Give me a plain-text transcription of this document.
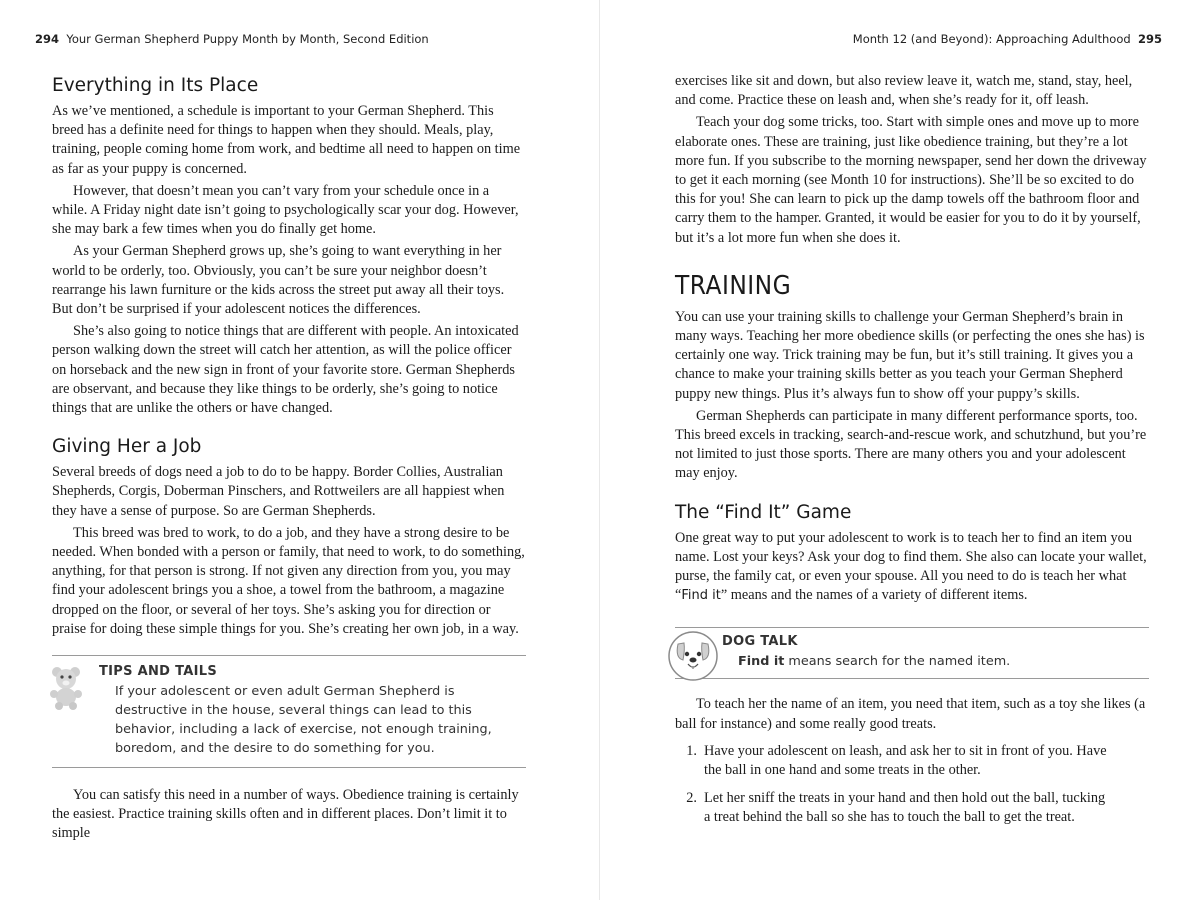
294 Your German Shepherd Puppy Month by Month, Second Edition
Everything in Its Place

As we’ve mentioned, a schedule is important to your German Shepherd. This breed has a definite need for things to happen when they should. Meals, play, training, people coming home from work, and bedtime all need to happen on time as far as your puppy is concerned.

However, that doesn’t mean you can’t vary from your schedule once in a while. A Friday night date isn’t going to psychologically scar your dog. However, she may bark a few times when you do finally get home.

As your German Shepherd grows up, she’s going to want everything in her world to be orderly, too. Obviously, you can’t be sure your neighbor doesn’t rearrange his lawn furniture or the kids across the street put away all their toys. But don’t be surprised if your adolescent notices the differences.

She’s also going to notice things that are different with people. An intoxicated person walking down the street will catch her attention, as will the police officer on horseback and the new sign in front of your favorite store. German Shepherds are observant, and because they like things to be orderly, she’s going to notice things that are unlike the others or have changed.

Giving Her a Job

Several breeds of dogs need a job to do to be happy. Border Collies, Australian Shepherds, Corgis, Doberman Pinschers, and Rottweilers are all happiest when they have a sense of purpose. So are German Shepherds.

This breed was bred to work, to do a job, and they have a strong desire to be needed. When bonded with a person or family, that need to work, to do something, anything, for that person is strong. If not given any direction from you, you may find your adolescent brings you a shoe, a towel from the bathroom, a magazine dropped on the floor, or several of her toys. She’s asking you for direction or praise for doing these simple things for you. She’s creating her own job, in a way.

TIPS AND TAILS
If your adolescent or even adult German Shepherd is destructive in the house, several things can lead to this behavior, including a lack of exercise, not enough training, boredom, and the desire to do something for you.

You can satisfy this need in a number of ways. Obedience training is certainly the easiest. Practice training skills often and in different places. Don’t limit it to simple

Month 12 (and Beyond): Approaching Adulthood 295

exercises like sit and down, but also review leave it, watch me, stand, stay, heel, and come. Practice these on leash and, when she’s ready for it, off leash.

Teach your dog some tricks, too. Start with simple ones and move up to more elaborate ones. These are training, just like obedience training, but they’re a lot more fun. If you subscribe to the morning newspaper, send her down the driveway to get it each morning (see Month 10 for instructions). She’ll be so excited to do this for you! She can learn to pick up the damp towels off the bathroom floor and carry them to the hamper. Granted, it would be easier for you to do it by yourself, but it’s a lot more fun when she does it.

TRAINING

You can use your training skills to challenge your German Shepherd’s brain in many ways. Teaching her more obedience skills (or perfecting the ones she has) is certainly one way. Trick training may be fun, but it’s still training. It gives you a chance to make your training skills better as you teach your German Shepherd puppy new things. Plus it’s always fun to show off your puppy’s skills.

German Shepherds can participate in many different performance sports, too. This breed excels in tracking, search-and-rescue work, and schutzhund, but you’re not limited to just those sports. There are many others you and your adolescent may enjoy.

The “Find It” Game

One great way to put your adolescent to work is to teach her to find an item you name. Lost your keys? Ask your dog to find them. She also can locate your wallet, purse, the family cat, or even your spouse. All you need to do is teach her what “Find it” means and the names of a variety of different items.

DOG TALK
Find it means search for the named item.

To teach her the name of an item, you need that item, such as a toy she likes (a ball for instance) and some really good treats.

1. Have your adolescent on leash, and ask her to sit in front of you. Have the ball in one hand and some treats in the other.
2. Let her sniff the treats in your hand and then hold out the ball, tucking a treat behind the ball so she has to touch the ball to get the treat.
